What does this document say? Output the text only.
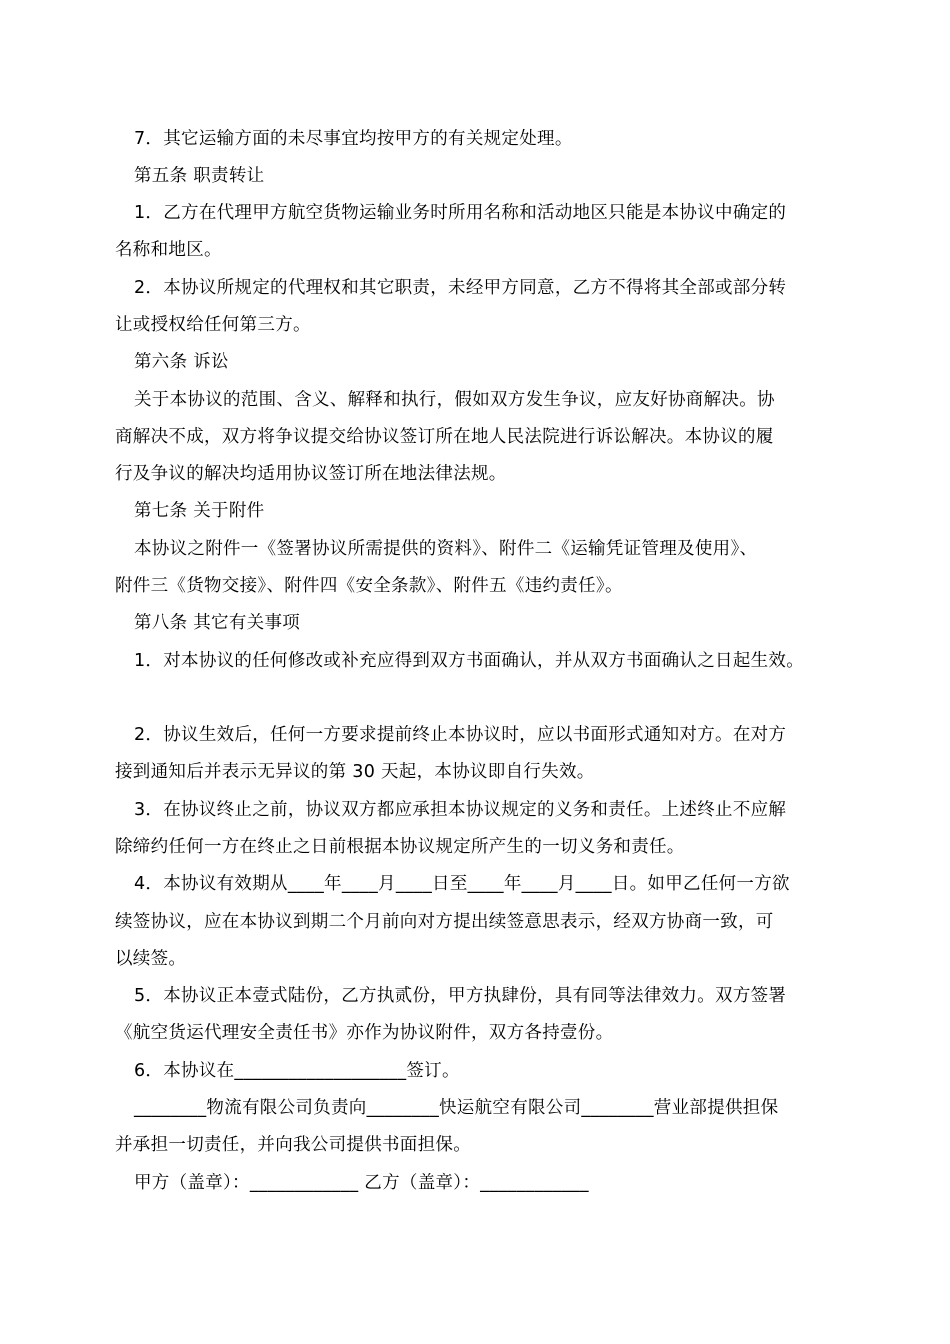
7．其它运输方面的未尽事宜均按甲方的有关规定处理。
第五条 职责转让
1．乙方在代理甲方航空货物运输业务时所用名称和活动地区只能是本协议中确定的
名称和地区。
2．本协议所规定的代理权和其它职责，未经甲方同意，乙方不得将其全部或部分转
让或授权给任何第三方。
第六条 诉讼
关于本协议的范围、含义、解释和执行，假如双方发生争议，应友好协商解决。协
商解决不成，双方将争议提交给协议签订所在地人民法院进行诉讼解决。本协议的履
行及争议的解决均适用协议签订所在地法律法规。
第七条 关于附件
本协议之附件一《签署协议所需提供的资料》、附件二《运输凭证管理及使用》、
附件三《货物交接》、附件四《安全条款》、附件五《违约责任》。
第八条 其它有关事项
1．对本协议的任何修改或补充应得到双方书面确认，并从双方书面确认之日起生效。
2．协议生效后，任何一方要求提前终止本协议时，应以书面形式通知对方。在对方
接到通知后并表示无异议的第 30 天起，本协议即自行失效。
3．在协议终止之前，协议双方都应承担本协议规定的义务和责任。上述终止不应解
除缔约任何一方在终止之日前根据本协议规定所产生的一切义务和责任。
4．本协议有效期从____年____月____日至____年____月____日。如甲乙任何一方欲
续签协议，应在本协议到期二个月前向对方提出续签意思表示，经双方协商一致，可
以续签。
5．本协议正本壹式陆份，乙方执贰份，甲方执肆份，具有同等法律效力。双方签署
《航空货运代理安全责任书》亦作为协议附件，双方各持壹份。
6．本协议在___________________签订。
________物流有限公司负责向________快运航空有限公司________营业部提供担保
并承担一切责任，并向我公司提供书面担保。
甲方（盖章）：____________ 乙方（盖章）：____________
